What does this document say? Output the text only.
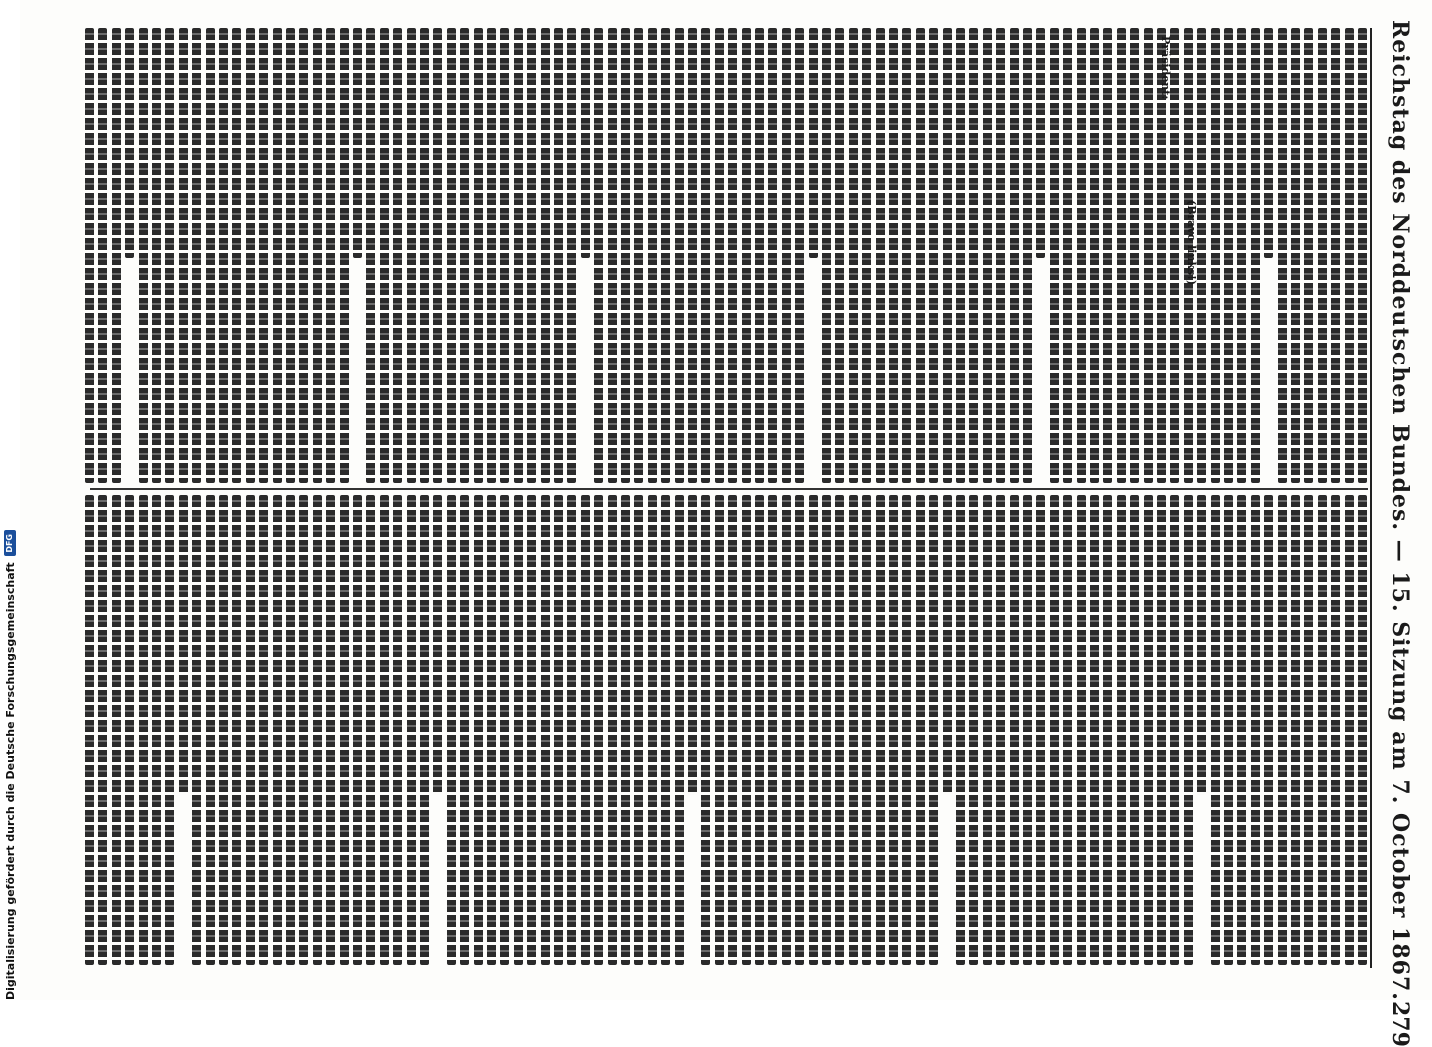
Reichstag des Norddeutschen Bundes. — 15. Sitzung am 7. October 1867.
279
Präsident:
(Bravo links!)
Digitalisierung gefördert durch die Deutsche Forschungsgemeinschaft
DFG
